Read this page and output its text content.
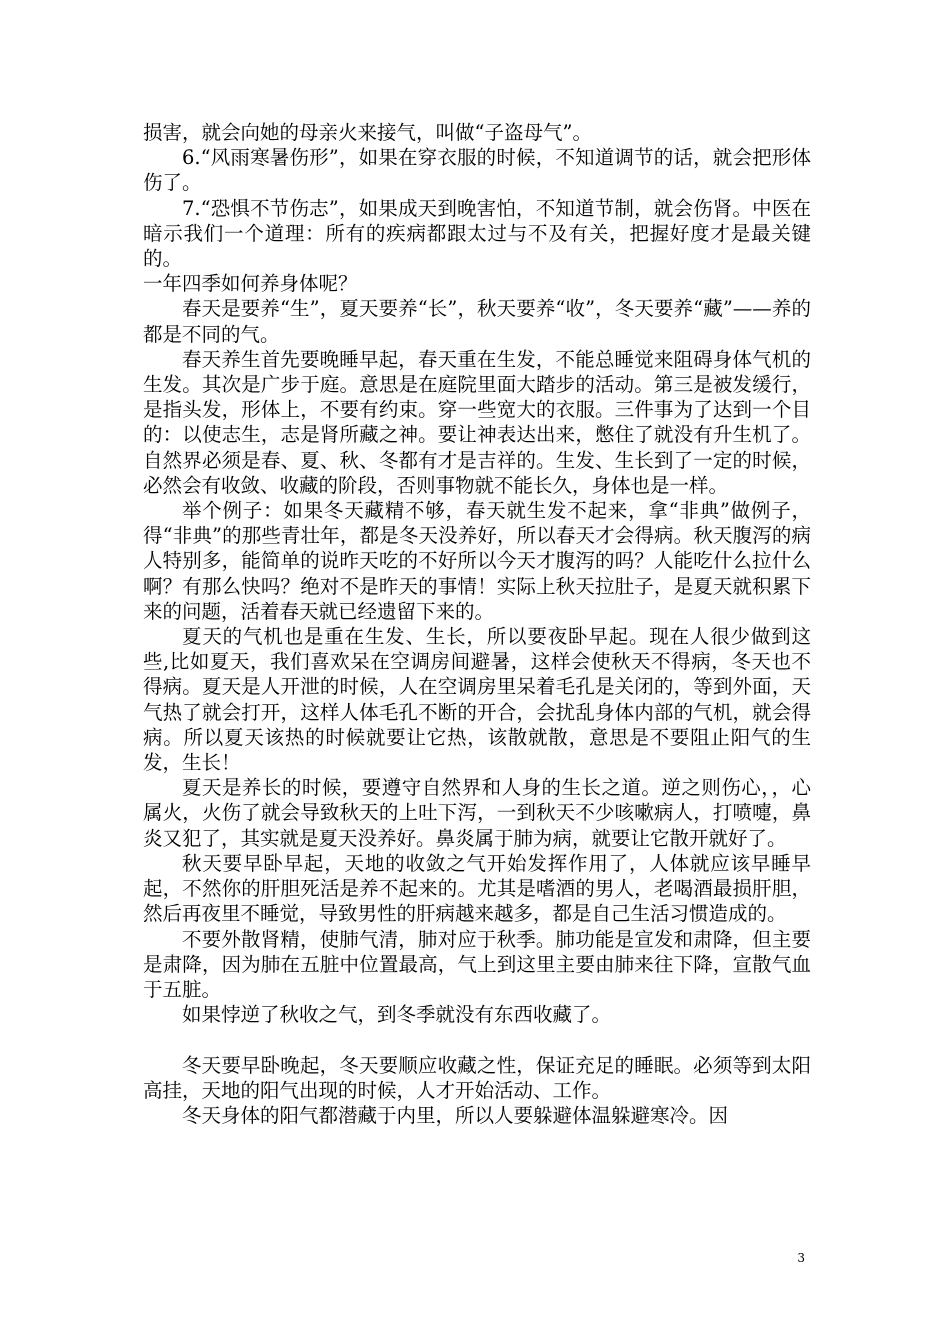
损害，就会向她的母亲火来接气，叫做“子盗母气”。

6.“风雨寒暑伤形”，如果在穿衣服的时候，不知道调节的话，就会把形体伤了。

7.“恐惧不节伤志”，如果成天到晚害怕，不知道节制，就会伤肾。中医在暗示我们一个道理：所有的疾病都跟太过与不及有关，把握好度才是最关键的。

一年四季如何养身体呢？

春天是要养“生”，夏天要养“长”，秋天要养“收”，冬天要养“藏”——养的都是不同的气。

春天养生首先要晚睡早起，春天重在生发，不能总睡觉来阻碍身体气机的生发。其次是广步于庭。意思是在庭院里面大踏步的活动。第三是被发缓行，是指头发，形体上，不要有约束。穿一些宽大的衣服。三件事为了达到一个目的：以使志生，志是肾所藏之神。要让神表达出来，憋住了就没有升生机了。自然界必须是春、夏、秋、冬都有才是吉祥的。生发、生长到了一定的时候，必然会有收敛、收藏的阶段，否则事物就不能长久，身体也是一样。

举个例子：如果冬天藏精不够，春天就生发不起来，拿“非典”做例子，得“非典”的那些青壮年，都是冬天没养好，所以春天才会得病。秋天腹泻的病人特别多，能简单的说昨天吃的不好所以今天才腹泻的吗？人能吃什么拉什么啊？有那么快吗？绝对不是昨天的事情！实际上秋天拉肚子，是夏天就积累下来的问题，活着春天就已经遗留下来的。

夏天的气机也是重在生发、生长，所以要夜卧早起。现在人很少做到这些,比如夏天，我们喜欢呆在空调房间避暑，这样会使秋天不得病，冬天也不得病。夏天是人开泄的时候，人在空调房里呆着毛孔是关闭的，等到外面，天气热了就会打开，这样人体毛孔不断的开合，会扰乱身体内部的气机，就会得病。所以夏天该热的时候就要让它热，该散就散，意思是不要阻止阳气的生发，生长！

夏天是养长的时候，要遵守自然界和人身的生长之道。逆之则伤心，，心属火，火伤了就会导致秋天的上吐下泻，一到秋天不少咳嗽病人，打喷嚏，鼻炎又犯了，其实就是夏天没养好。鼻炎属于肺为病，就要让它散开就好了。

秋天要早卧早起，天地的收敛之气开始发挥作用了，人体就应该早睡早起，不然你的肝胆死活是养不起来的。尤其是嗜酒的男人，老喝酒最损肝胆，然后再夜里不睡觉，导致男性的肝病越来越多，都是自己生活习惯造成的。

不要外散肾精，使肺气清，肺对应于秋季。肺功能是宣发和肃降，但主要是肃降，因为肺在五脏中位置最高，气上到这里主要由肺来往下降，宣散气血于五脏。

如果悖逆了秋收之气，到冬季就没有东西收藏了。

冬天要早卧晚起，冬天要顺应收藏之性，保证充足的睡眠。必须等到太阳高挂，天地的阳气出现的时候，人才开始活动、工作。

冬天身体的阳气都潜藏于内里，所以人要躲避体温躲避寒冷。因

3
